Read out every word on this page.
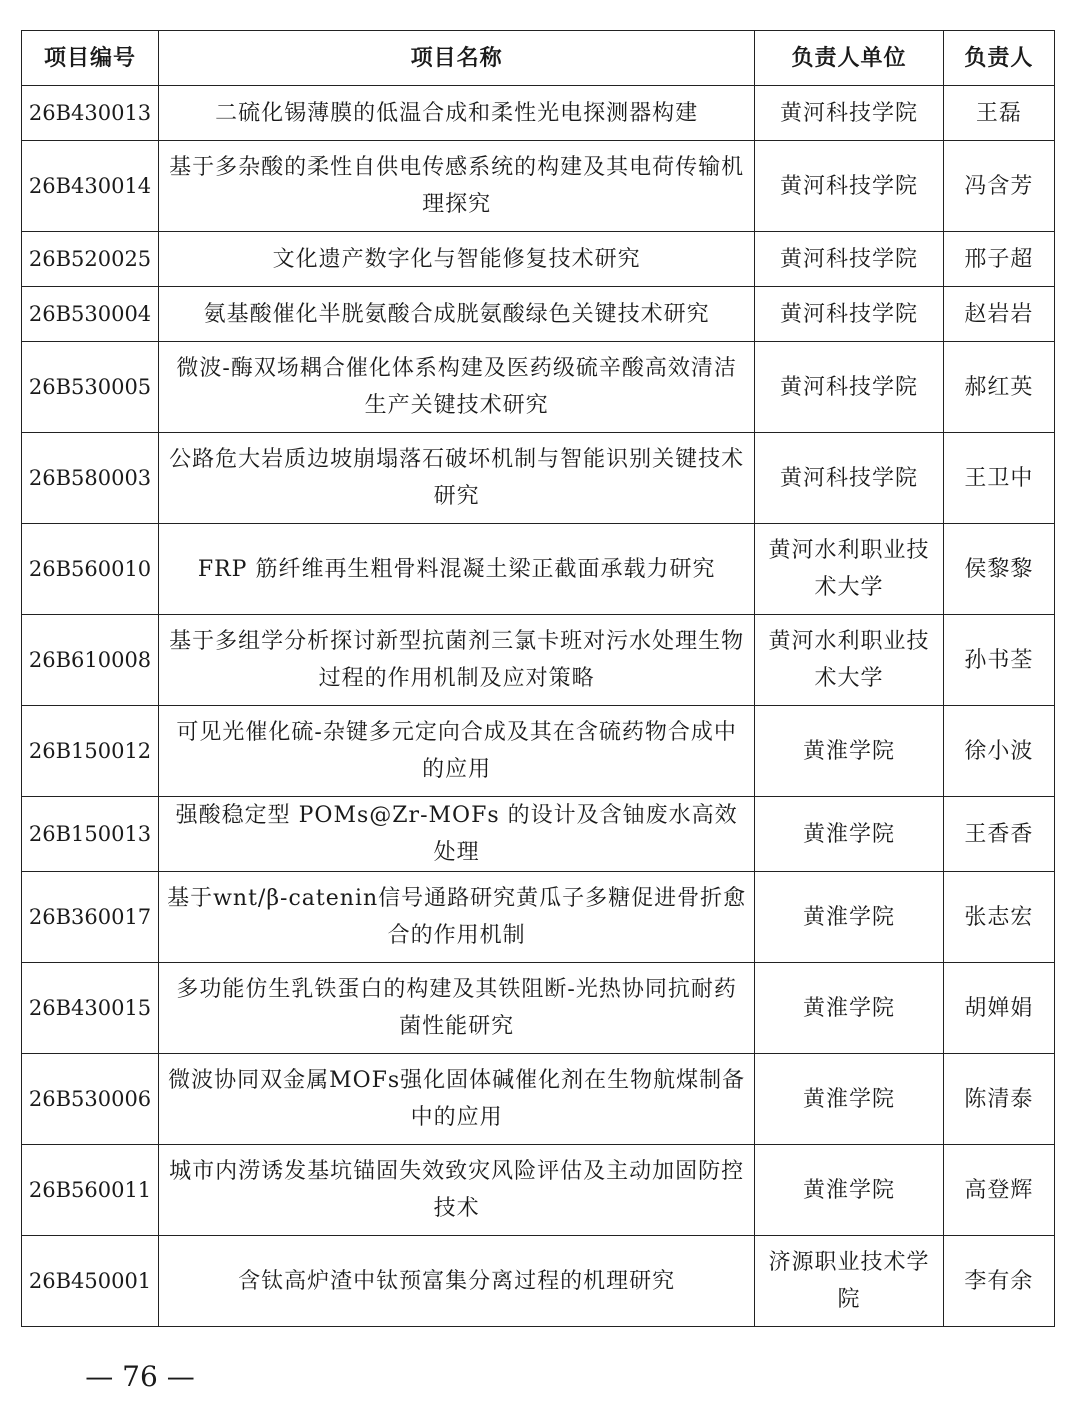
项目编号	项目名称	负责人单位	负责人
26B430013	二硫化锡薄膜的低温合成和柔性光电探测器构建	黄河科技学院	王磊
26B430014	基于多杂酸的柔性自供电传感系统的构建及其电荷传输机理探究	黄河科技学院	冯含芳
26B520025	文化遗产数字化与智能修复技术研究	黄河科技学院	邢子超
26B530004	氨基酸催化半胱氨酸合成胱氨酸绿色关键技术研究	黄河科技学院	赵岩岩
26B530005	微波-酶双场耦合催化体系构建及医药级硫辛酸高效清洁生产关键技术研究	黄河科技学院	郝红英
26B580003	公路危大岩质边坡崩塌落石破坏机制与智能识别关键技术研究	黄河科技学院	王卫中
26B560010	FRP 筋纤维再生粗骨料混凝土梁正截面承载力研究	黄河水利职业技术大学	侯黎黎
26B610008	基于多组学分析探讨新型抗菌剂三氯卡班对污水处理生物过程的作用机制及应对策略	黄河水利职业技术大学	孙书荃
26B150012	可见光催化硫-杂键多元定向合成及其在含硫药物合成中的应用	黄淮学院	徐小波
26B150013	强酸稳定型 POMs@Zr-MOFs 的设计及含铀废水高效处理	黄淮学院	王香香
26B360017	基于wnt/β-catenin信号通路研究黄瓜子多糖促进骨折愈合的作用机制	黄淮学院	张志宏
26B430015	多功能仿生乳铁蛋白的构建及其铁阻断-光热协同抗耐药菌性能研究	黄淮学院	胡婵娟
26B530006	微波协同双金属MOFs强化固体碱催化剂在生物航煤制备中的应用	黄淮学院	陈清泰
26B560011	城市内涝诱发基坑锚固失效致灾风险评估及主动加固防控技术	黄淮学院	高登辉
26B450001	含钛高炉渣中钛预富集分离过程的机理研究	济源职业技术学院	李有余
— 76 —
